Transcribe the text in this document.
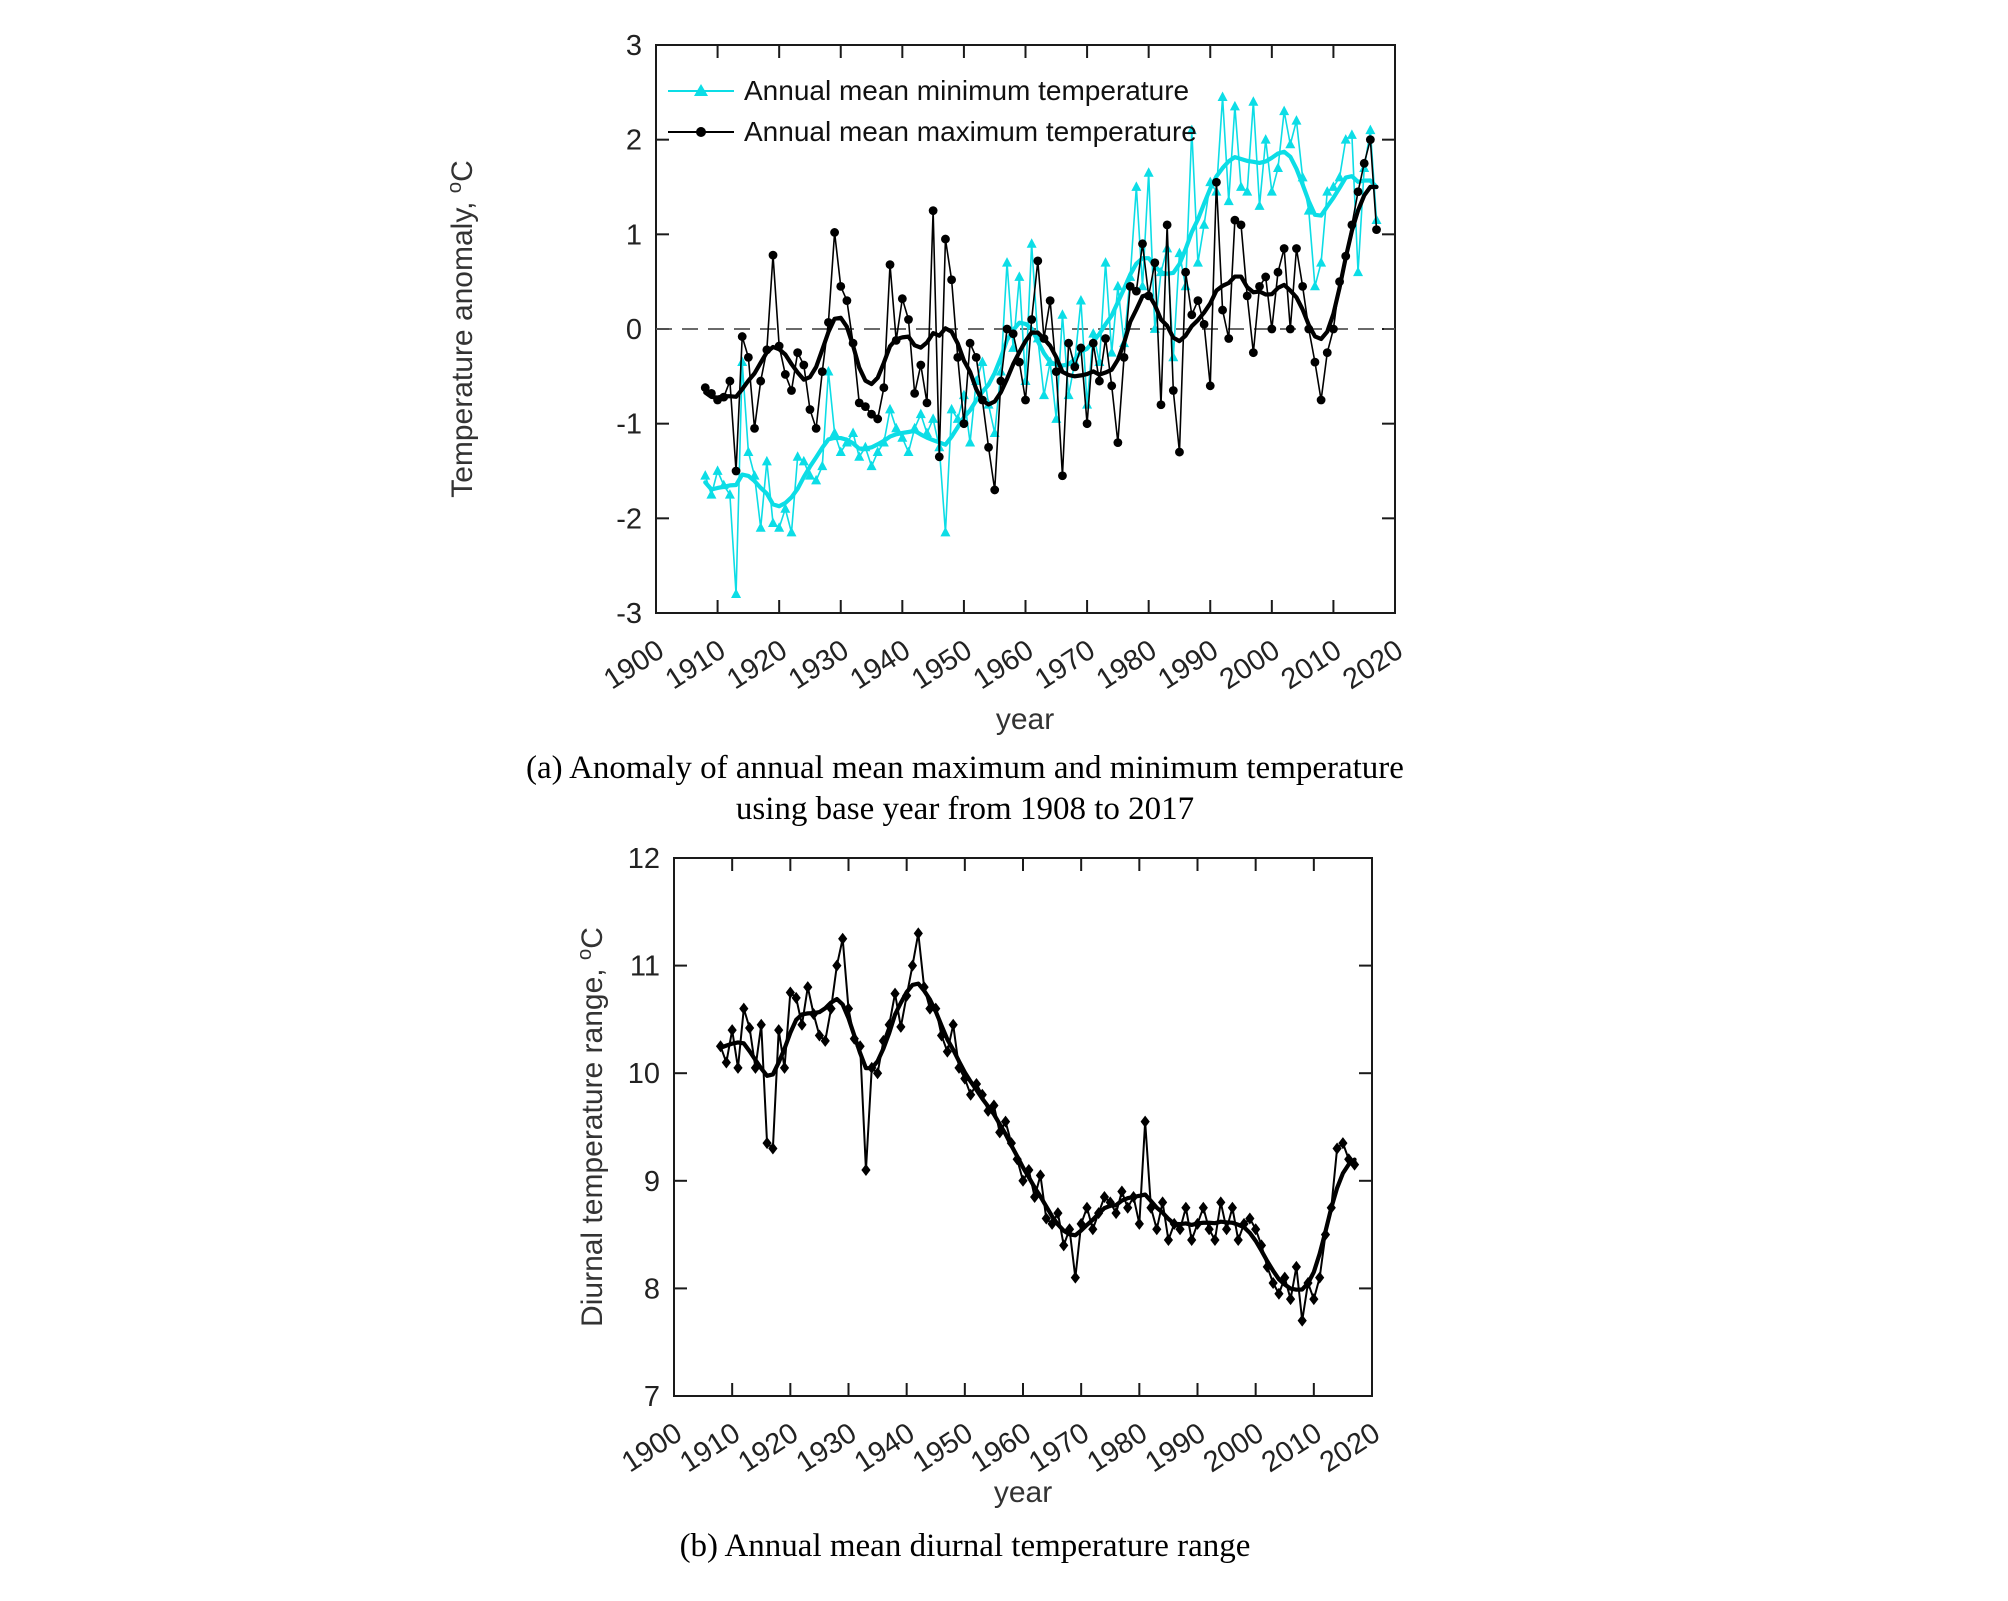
1900
1910
1920
1930
1940
1950
1960
1970
1980
1990
2000
2010
2020
-3
-2
-1
0
1
2
3
1900
1910
1920
1930
1940
1950
1960
1970
1980
1990
2000
2010
2020
7
8
9
10
11
12
Annual mean minimum temperature
Annual mean maximum temperature
Temperature anomaly, $^o$C
year
(a) Anomaly of annual mean maximum and minimum temperature
using base year from 1908 to 2017
Diurnal temperature range, $^o$C
year
(b) Annual mean diurnal temperature range
